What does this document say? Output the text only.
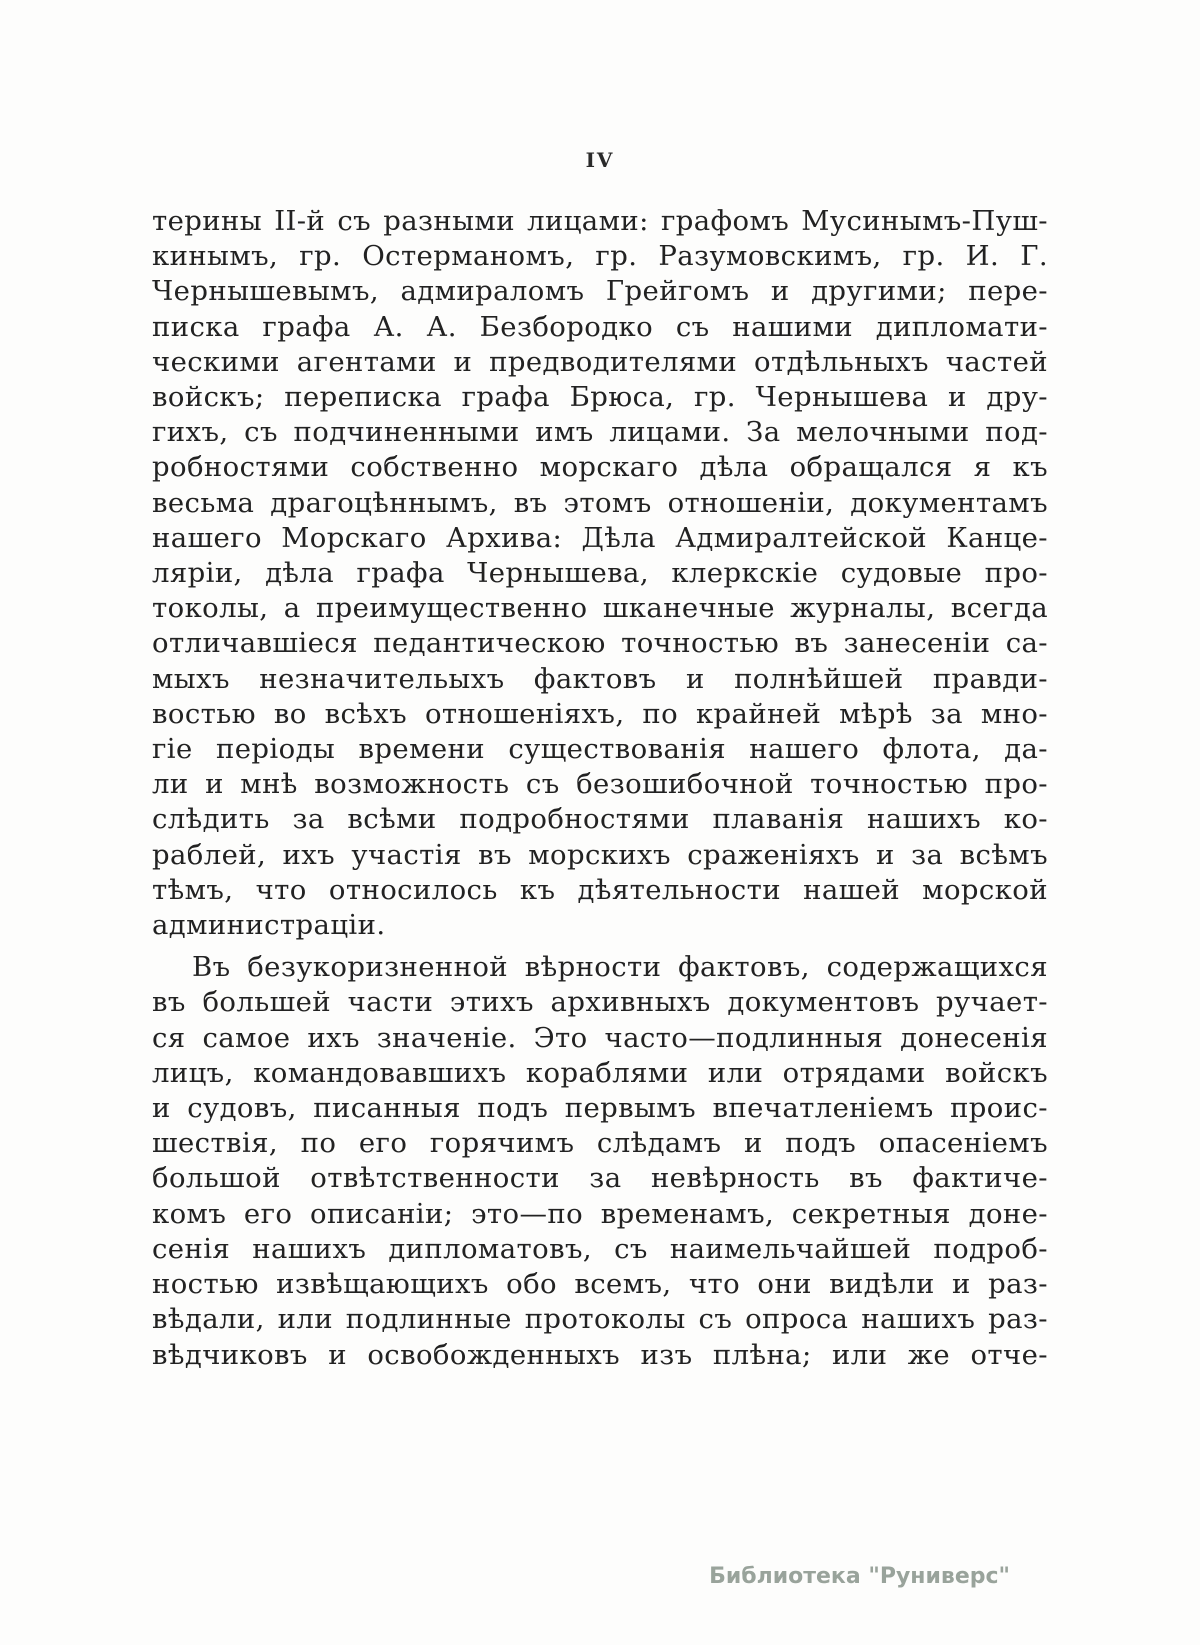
IV
терины II-й съ разными лицами: графомъ Мусинымъ-Пуш-
кинымъ, гр. Остерманомъ, гр. Разумовскимъ, гр. И. Г.
Чернышевымъ, адмираломъ Грейгомъ и другими; пере-
писка графа А. А. Безбородко съ нашими дипломати-
ческими агентами и предводителями отдѣльныхъ частей
войскъ; переписка графа Брюса, гр. Чернышева и дру-
гихъ, съ подчиненными имъ лицами. За мелочными под-
робностями собственно морскаго дѣла обращался я къ
весьма драгоцѣннымъ, въ этомъ отношеніи, документамъ
нашего Морскаго Архива: Дѣла Адмиралтейской Канце-
ляріи, дѣла графа Чернышева, клеркскіе судовые про-
токолы, а преимущественно шканечные журналы, всегда
отличавшіеся педантическою точностью въ занесеніи са-
мыхъ незначительыхъ фактовъ и полнѣйшей правди-
востью во всѣхъ отношеніяхъ, по крайней мѣрѣ за мно-
гіе періоды времени существованія нашего флота, да-
ли и мнѣ возможность съ безошибочной точностью про-
слѣдить за всѣми подробностями плаванія нашихъ ко-
раблей, ихъ участія въ морскихъ сраженіяхъ и за всѣмъ
тѣмъ, что относилось къ дѣятельности нашей морской
администраціи.
Въ безукоризненной вѣрности фактовъ, содержащихся
въ большей части этихъ архивныхъ документовъ ручает-
ся самое ихъ значеніе. Это часто—подлинныя донесенія
лицъ, командовавшихъ кораблями или отрядами войскъ
и судовъ, писанныя подъ первымъ впечатленіемъ проис-
шествія, по его горячимъ слѣдамъ и подъ опасеніемъ
большой отвѣтственности за невѣрность въ фактиче-
комъ его описаніи; это—по временамъ, секретныя доне-
сенія нашихъ дипломатовъ, съ наимельчайшей подроб-
ностью извѣщающихъ обо всемъ, что они видѣли и раз-
вѣдали, или подлинные протоколы съ опроса нашихъ раз-
вѣдчиковъ и освобожденныхъ изъ плѣна; или же отче-
Библиотека "Руниверс"
